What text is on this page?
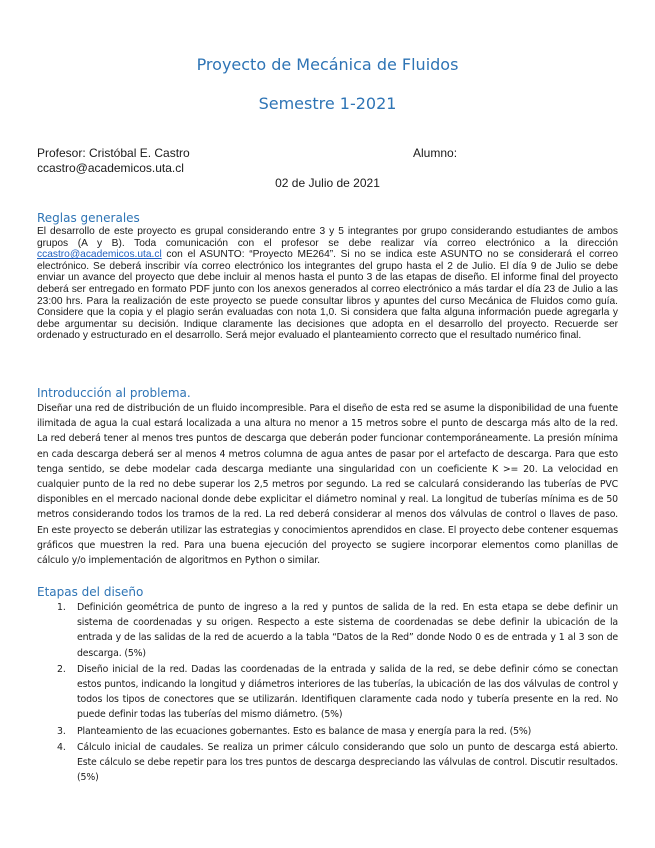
Proyecto de Mecánica de Fluidos
Semestre 1-2021
Profesor: Cristóbal E. Castro
ccastro@academicos.uta.cl
Alumno:
02 de Julio de 2021
Reglas generales
El desarrollo de este proyecto es grupal considerando entre 3 y 5 integrantes por grupo considerando estudiantes de ambos grupos (A y B). Toda comunicación con el profesor se debe realizar vía correo electrónico a la dirección ccastro@academicos.uta.cl con el ASUNTO: “Proyecto ME264”. Si no se indica este ASUNTO no se considerará el correo electrónico. Se deberá inscribir vía correo electrónico los integrantes del grupo hasta el 2 de Julio. El día 9 de Julio se debe enviar un avance del proyecto que debe incluir al menos hasta el punto 3 de las etapas de diseño. El informe final del proyecto deberá ser entregado en formato PDF junto con los anexos generados al correo electrónico a más tardar el día 23 de Julio a las 23:00 hrs. Para la realización de este proyecto se puede consultar libros y apuntes del curso Mecánica de Fluidos como guía. Considere que la copia y el plagio serán evaluadas con nota 1,0. Si considera que falta alguna información puede agregarla y debe argumentar su decisión. Indique claramente las decisiones que adopta en el desarrollo del proyecto. Recuerde ser ordenado y estructurado en el desarrollo. Será mejor evaluado el planteamiento correcto que el resultado numérico final.
Introducción al problema.
Diseñar una red de distribución de un fluido incompresible. Para el diseño de esta red se asume la disponibilidad de una fuente ilimitada de agua la cual estará localizada a una altura no menor a 15 metros sobre el punto de descarga más alto de la red. La red deberá tener al menos tres puntos de descarga que deberán poder funcionar contemporáneamente. La presión mínima en cada descarga deberá ser al menos 4 metros columna de agua antes de pasar por el artefacto de descarga. Para que esto tenga sentido, se debe modelar cada descarga mediante una singularidad con un coeficiente K >= 20. La velocidad en cualquier punto de la red no debe superar los 2,5 metros por segundo. La red se calculará considerando las tuberías de PVC disponibles en el mercado nacional donde debe explicitar el diámetro nominal y real. La longitud de tuberías mínima es de 50 metros considerando todos los tramos de la red. La red deberá considerar al menos dos válvulas de control o llaves de paso. En este proyecto se deberán utilizar las estrategias y conocimientos aprendidos en clase. El proyecto debe contener esquemas gráficos que muestren la red. Para una buena ejecución del proyecto se sugiere incorporar elementos como planillas de cálculo y/o implementación de algoritmos en Python o similar.
Etapas del diseño
1. Definición geométrica de punto de ingreso a la red y puntos de salida de la red. En esta etapa se debe definir un sistema de coordenadas y su origen. Respecto a este sistema de coordenadas se debe definir la ubicación de la entrada y de las salidas de la red de acuerdo a la tabla “Datos de la Red” donde Nodo 0 es de entrada y 1 al 3 son de descarga. (5%)
2. Diseño inicial de la red. Dadas las coordenadas de la entrada y salida de la red, se debe definir cómo se conectan estos puntos, indicando la longitud y diámetros interiores de las tuberías, la ubicación de las dos válvulas de control y todos los tipos de conectores que se utilizarán. Identifiquen claramente cada nodo y tubería presente en la red. No puede definir todas las tuberías del mismo diámetro. (5%)
3. Planteamiento de las ecuaciones gobernantes. Esto es balance de masa y energía para la red. (5%)
4. Cálculo inicial de caudales. Se realiza un primer cálculo considerando que solo un punto de descarga está abierto. Este cálculo se debe repetir para los tres puntos de descarga despreciando las válvulas de control. Discutir resultados. (5%)
